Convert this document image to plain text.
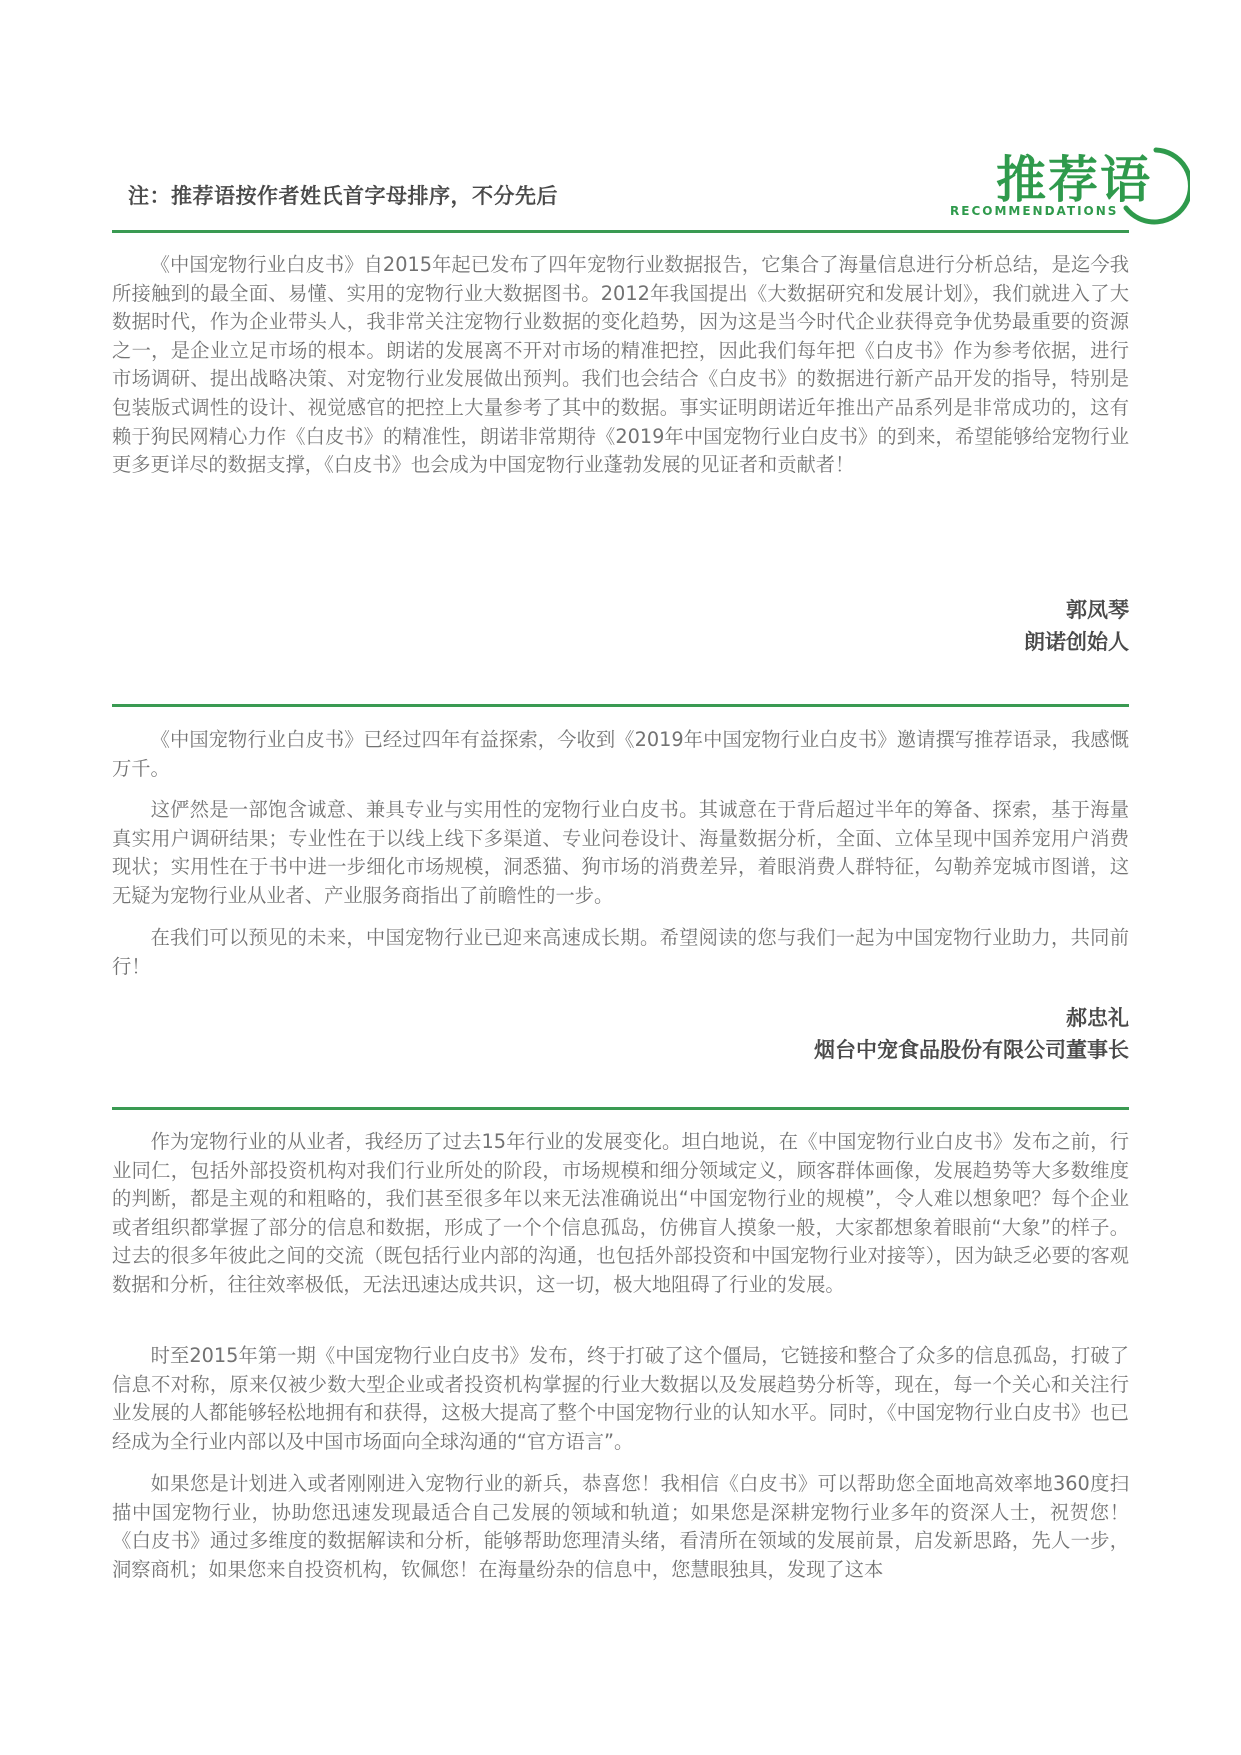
注：推荐语按作者姓氏首字母排序，不分先后	推荐语
RECOMMENDATIONS

《中国宠物行业白皮书》自2015年起已发布了四年宠物行业数据报告，它集合了海量信息进行分析总结，是迄今我所接触到的最全面、易懂、实用的宠物行业大数据图书。2012年我国提出《大数据研究和发展计划》，我们就进入了大数据时代，作为企业带头人，我非常关注宠物行业数据的变化趋势，因为这是当今时代企业获得竞争优势最重要的资源之一，是企业立足市场的根本。朗诺的发展离不开对市场的精准把控，因此我们每年把《白皮书》作为参考依据，进行市场调研、提出战略决策、对宠物行业发展做出预判。我们也会结合《白皮书》的数据进行新产品开发的指导，特别是包装版式调性的设计、视觉感官的把控上大量参考了其中的数据。事实证明朗诺近年推出产品系列是非常成功的，这有赖于狗民网精心力作《白皮书》的精准性，朗诺非常期待《2019年中国宠物行业白皮书》的到来，希望能够给宠物行业更多更详尽的数据支撑，《白皮书》也会成为中国宠物行业蓬勃发展的见证者和贡献者！

郭凤琴
朗诺创始人

《中国宠物行业白皮书》已经过四年有益探索，今收到《2019年中国宠物行业白皮书》邀请撰写推荐语录，我感慨万千。

这俨然是一部饱含诚意、兼具专业与实用性的宠物行业白皮书。其诚意在于背后超过半年的筹备、探索，基于海量真实用户调研结果；专业性在于以线上线下多渠道、专业问卷设计、海量数据分析，全面、立体呈现中国养宠用户消费现状；实用性在于书中进一步细化市场规模，洞悉猫、狗市场的消费差异，着眼消费人群特征，勾勒养宠城市图谱，这无疑为宠物行业从业者、产业服务商指出了前瞻性的一步。

在我们可以预见的未来，中国宠物行业已迎来高速成长期。希望阅读的您与我们一起为中国宠物行业助力，共同前行！

郝忠礼
烟台中宠食品股份有限公司董事长

作为宠物行业的从业者，我经历了过去15年行业的发展变化。坦白地说，在《中国宠物行业白皮书》发布之前，行业同仁，包括外部投资机构对我们行业所处的阶段，市场规模和细分领域定义，顾客群体画像，发展趋势等大多数维度的判断，都是主观的和粗略的，我们甚至很多年以来无法准确说出“中国宠物行业的规模”，令人难以想象吧？每个企业或者组织都掌握了部分的信息和数据，形成了一个个信息孤岛，仿佛盲人摸象一般，大家都想象着眼前“大象”的样子。过去的很多年彼此之间的交流（既包括行业内部的沟通，也包括外部投资和中国宠物行业对接等），因为缺乏必要的客观数据和分析，往往效率极低，无法迅速达成共识，这一切，极大地阻碍了行业的发展。

时至2015年第一期《中国宠物行业白皮书》发布，终于打破了这个僵局，它链接和整合了众多的信息孤岛，打破了信息不对称，原来仅被少数大型企业或者投资机构掌握的行业大数据以及发展趋势分析等，现在，每一个关心和关注行业发展的人都能够轻松地拥有和获得，这极大提高了整个中国宠物行业的认知水平。同时，《中国宠物行业白皮书》也已经成为全行业内部以及中国市场面向全球沟通的“官方语言”。

如果您是计划进入或者刚刚进入宠物行业的新兵，恭喜您！我相信《白皮书》可以帮助您全面地高效率地360度扫描中国宠物行业，协助您迅速发现最适合自己发展的领域和轨道；如果您是深耕宠物行业多年的资深人士，祝贺您！《白皮书》通过多维度的数据解读和分析，能够帮助您理清头绪，看清所在领域的发展前景，启发新思路，先人一步，洞察商机；如果您来自投资机构，钦佩您！在海量纷杂的信息中，您慧眼独具，发现了这本
